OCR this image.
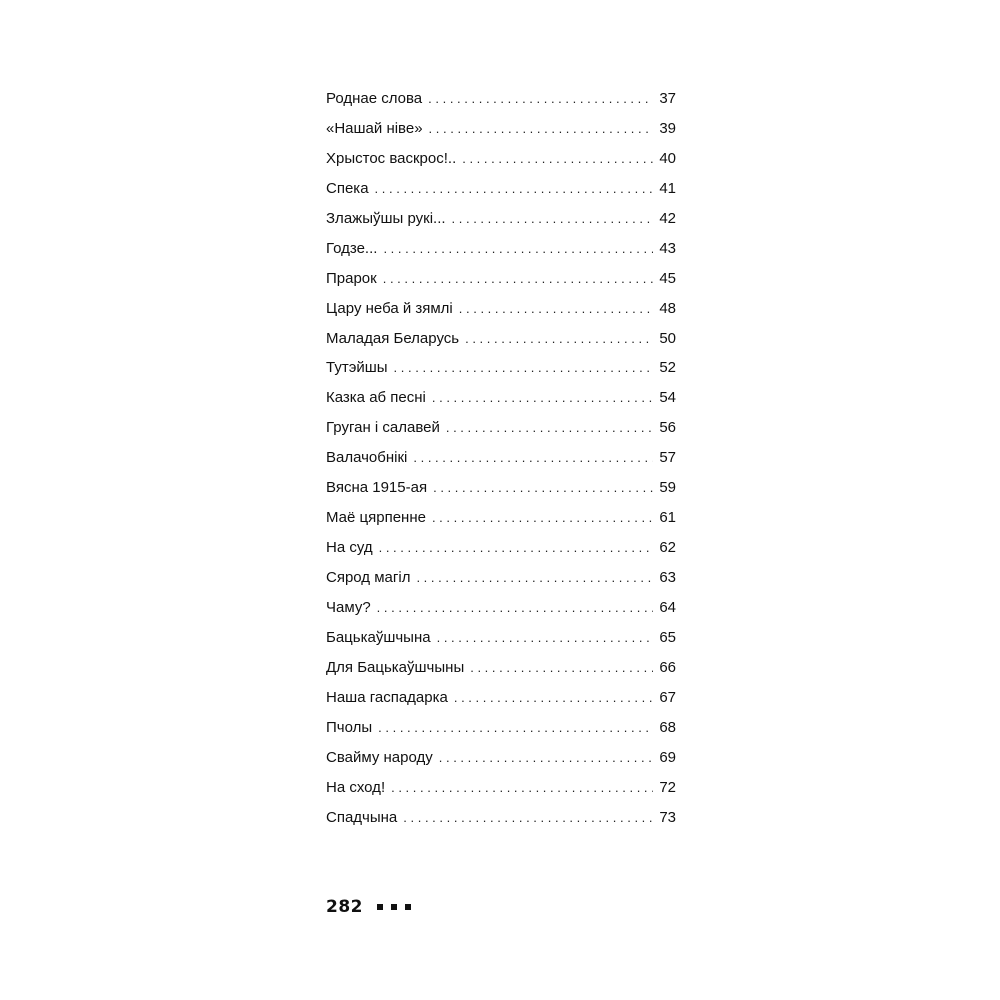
Роднае слова . . .	37
«Нашай ніве» . . .	39
Хрыстос васкрос!.. . . .	40
Спека . . .	41
Злажыўшы рукі... . . .	42
Годзе... . . .	43
Прарок . . .	45
Цару неба й зямлі . . .	48
Маладая Беларусь . . .	50
Тутэйшы . . .	52
Казка аб песні . . .	54
Груган і салавей . . .	56
Валачобнікі . . .	57
Вясна 1915-ая . . .	59
Маё цярпенне . . .	61
На суд . . .	62
Сярод магіл . . .	63
Чаму? . . .	64
Бацькаўшчына . . .	65
Для Бацькаўшчыны . . .	66
Наша гаспадарка . . .	67
Пчолы . . .	68
Свайму народу . . .	69
На сход! . . .	72
Спадчына . . .	73
282
